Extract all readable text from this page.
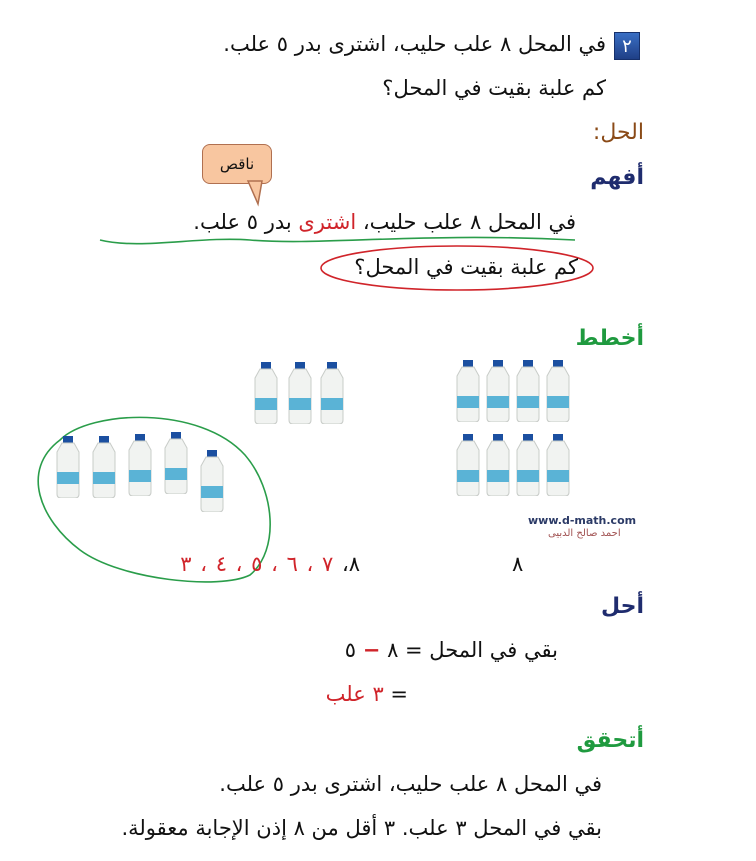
٢
في المحل ٨ علب حليب، اشترى بدر ٥ علب.
كم علبة بقيت في المحل؟
الحل:
أفهم
ناقص
في المحل ٨ علب حليب، اشترى بدر ٥ علب.
كم علبة بقيت في المحل؟
أخطط
www.d-math.com
احمد صالح الدبيى
٨
٨، ٧ ، ٦ ، ٥ ، ٤ ، ٣
أحل
بقي في المحل = ٨ − ٥
= ٣ علب
أتحقق
في المحل ٨ علب حليب، اشترى بدر ٥ علب.
بقي في المحل ٣ علب. ٣ أقل من ٨ إذن الإجابة معقولة.
